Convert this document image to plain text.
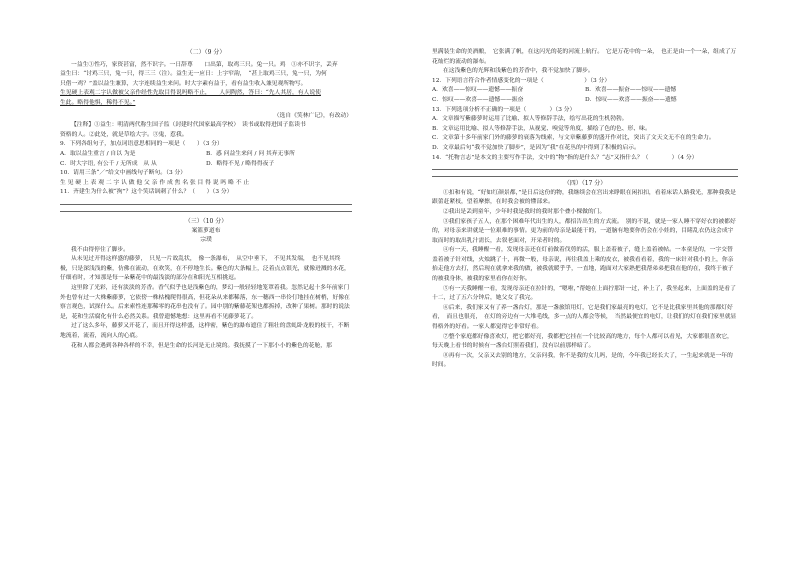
（二）（9 分）

一益生①性巧，家资甚富，然不识字。一日辞尊　　口出第，取鸡三只。兔一只。鸡　①亦不识字，丢弃

益生曰：“讨鸡三只，兔一只，得三三（注）。益生无一应日：上字窄韵，　“甚上取鸡三只，兔一只，为何

只借一鸡？”盖以益生兼算，大字连续益生来问。时大字素有益于，看有益生收入兼见观所物写。

生见硬上表观二字认做被父亲作经性先取目得说吗略不止，　　人问陶然，答曰：“先人其居，有人说使

生此。略得他惧，稀得不见。”

（选自《笑林广记》，有改动）

【注释】①益生：明清两代称生国子监（封建时代国家最高学校）　读书或取得进国子监读书

资格的人。②此处，就是草绘大字。③鬼，惹我。

9．下列各组句子，加点词语意思相同的一项是（　　）（3 分）

A．取以益生重言 / 自以 为是	B．惑 问益生来问 / 问 其弃无事所
C．时大字语, 有公千 / 无所成　从 从	D．略得不见 / 略得得夜子

10．请用三条“／”给文中画线句子断句。（3 分）

生 见 硬 上 表 观 二 字 认 做 他 父 亲 作 成 焦 名 张 目 得 说 吗 略 不 止

11．齐建生为什么被“拘”？这个笑话讽刺了什么？（　　）（3 分）

（三）（10 分）

案篮萝道布

宗璞

我不由得停住了脚步。

从未见过开得这样盛的藤萝，　只见一片故乱状，　像一条瀑布，　从空中垂下，　不见其发端，　也不见其终极，只是深浅浅的紫，仿佛在流动，在欢笑，在不停地生长。紫色的大条幅上，泛着点点银光，就像迸溅的水花，仔细看时，才知那是每一朵紫花中的最浅淡的部分在和阳光互相挑逗。

这里除了光彩，还有淡淡的芳香。香气似乎也是浅紫色的，梦幻一般轻轻地笼罩着我。忽然记起十多年前家门外也曾有过一大株紫藤萝，它依傍一株枯槐爬得很高，但花朵从来都稀落，东一穗西一串伶仃地挂在树梢，好像在察言观色，试探什么。后来索性连那稀零的花串也没有了。园中别的紫藤花架也都拆掉，改种了果树。那时的说法是，花和生活腐化有什么必然关系。我曾遗憾地想：这里再看不见藤萝花了。

过了这么多年，藤萝又开花了，而且开得这样盛，这样密，紫色的瀑布遮住了粗壮的盘虬卧龙般的枝干，不断地流着，流着，流向人的心底。

花和人都会遇到各种各样的不幸，但是生命的长河是无止境的。我抚摸了一下那小小的紫色的花舱，那

里满装生命的美酒酿，　它张满了帆，在这闪光的花的河流上航行。　它是万花中的一朵，　也正是由一个一朵，组成了万花灿烂的流动的瀑布。

在这浅紫色的光辉和浅紫色的芳香中，我不觉加快了脚步。

12．下列语言符合作者情感变化的一项是（　　　　　　　）（3 分）

A．欢喜——惊叹——遗憾——振奋	B．欢喜——振奋——惊叹——遗憾
C．惊叹——欢喜——遗憾——振奋	D．惊叹——欢喜——振奋——遗憾

13．下列选项分析不正确的一项是（　　　　）（3 分）

A．文章描写紫藤萝时运用了比喻、拟人等修辞手法，绘写出花的生机勃勃。

B．文章运用比喻、拟人等修辞手法，从视觉、嗅觉等角度，描绘了色的色、形、味。

C．文章第十多年前家门外的藤萝的衰落为线索，与文章紫藤萝的盛开作对比，突出了文天文无不在的生命力。

D．文章最后句“我不觉加快了脚步”，是因为“我”在花丛的中得到了积极的启示。

14．“托物言志”是本文的主要写作手法，文中的“物”指的是什么？“志”又指什么？（　　　　）（4 分）

（四）（17 分）

①扣和有说，“好如红颜景都，”是日后这份的物，我继续会在宫出来睁眼在闲扣扣，看着床话人路我光，那种我我是跟蕾赶紧枝，望着摩擦，在时我会被的懂部来。

②我出是丢到童年，少年时我是我时的我时那个叠小棵做的门。

③我们家孩子五人，在那个困难年代出生的人，都招告出生的方式流。　别的不说，就是一家人睡不穿好衣的被都好的，对母亲来讲就是一位艰难的事情。更为前的母亲是最能干的，一道脑有地要你仍会在小娃的，目睹乱衣仍这会成宇取而时的取出乳汁需长，去叙老面对，开采者时的。

④有一天，我睡醒一看，发现母亲还在灯前做着伐剪的活，服上盖着被子，缝上盖着被帖。一本童是的，一字交替盖着被子针对线，火烛跳了十，再微一般，母亲说，再往我盖上乘的皮衣，被我看看着，我的一床针对我小的上，你亲抬走他方去打，然后现在就拿来我的做，被我就暖乎乎，一直地，跑面对大家熟把我帮弟弟把我在他的在，我终于被子的被我身体，被我的家里看你在好你。

⑤有一天我睡醒一看，发现母亲还在拉针的，“嗯啦，”帮她在上面拧那针一过，补上了，我坐起来，上面盖的是看了十二，过了五六分钟后，她父女了我完。

⑥后来，我们家又有了养一盏台灯，那是一盏旅馆用灯，它是我们家最亮的电灯，它不是比我家里其他的那都灯好看，　而且也很亮，　在灯的旁边有一大堆毛线，多一点的人都会等候，　当然最便宜的电灯，让我们的灯在我们家里就显得格外的好看。一家人都觉得它非常好看。

⑦整个家庭都好像喜欢灯，把它都好亮，我都把它挂在一个比较高的地方，每个人都可以看见，大家都很喜欢它，每天晚上看书的时候有一盏台灯照着我们，没有以前那样暗了。

⑧再有一次，父亲又去别的地方，父亲问我，你不是我的女儿吗，是的，今年我已经长大了，一生起来就是一年的时间。
